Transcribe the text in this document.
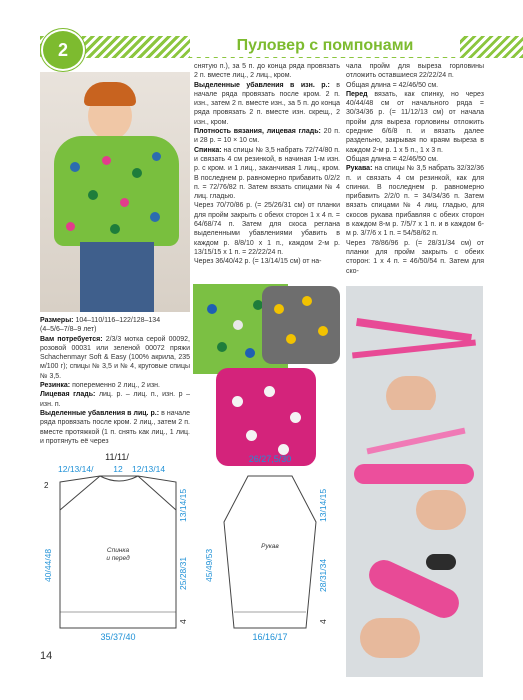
2	Пуловер с помпонами

Размеры: 104–110/116–122/128–134
(4–5/6–7/8–9 лет)

Вам потребуется: 2/3/3 мотка серой 00092, розовой 00031 или зеленой 00072 пряжи Schachenmayr Soft & Easy (100% акрила, 235 м/100 г); спицы № 3,5 и № 4, круговые спицы № 3,5.

Резинка: поперемeнно 2 лиц., 2 изн.

Лицевая гладь: лиц. р. – лиц. п., изн. р – изн. п.

Выделенные убавления в лиц. р.: в начале ряда провязать после кром. 2 лиц., затем 2 п. вместе протяжкой (1 п. снять как лиц., 1 лиц. и протянуть её через

снятую п.), за 5 п. до конца ряда провязать 2 п. вместе лиц., 2 лиц., кром.

Выделенные убавления в изн. р.: в начале ряда провязать после кром. 2 п. изн., затем 2 п. вместе изн., за 5 п. до конца ряда провязать 2 п. вместе изн. скрещ., 2 изн., кром.

Плотность вязания, лицевая гладь: 20 п. и 28 р. = 10 × 10 см.

Спинка: на спицы № 3,5 набрать 72/74/80 п. и связать 4 см резинкой, в начиная 1-м изн. р. с кром. и 1 лиц., заканчивая 1 лиц., кром. В последнем р. равномерно прибавить 0/2/2 п. = 72/76/82 п. Затем вязать спицами № 4 лиц. гладью.

Через 70/70/86 р. (= 25/26/31 см) от планки для пройм закрыть с обеих сторон 1 х 4 п. = 64/68/74 п. Затем для скоса реглана выделенными убавлениями убавить в каждом р. 8/8/10 х 1 п., каждом 2-м р. 13/15/15 х 1 п. = 22/22/24 п.

Через 36/40/42 р. (= 13/14/15 см) от на-

чала пройм для выреза горловины отложить оставшиеся 22/22/24 п.

Общая длина = 42/46/50 см.

Перед вязать, как спинку, но через 40/44/48 см от начального ряда = 30/34/36 р. (= 11/12/13 см) от начала пройм для выреза горловины отложить средние 6/6/8 п. и вязать далее раздельно, закрывая по краям выреза в каждом 2-м р. 1 х 5 п., 1 х 3 п.

Общая длина = 42/46/50 см.

Рукава: на спицы № 3,5 набрать 32/32/36 п. и связать 4 см резинкой, как для спинки. В последнем р. равномерно прибавить 2/2/0 п. = 34/34/36 п. Затем вязать спицами № 4 лиц. гладью, для скосов рукава прибавляя с обеих сторон в каждом 8-м р. 7/5/7 х 1 п. и в каждом 6-м р. 3/7/6 х 1 п. = 54/58/62 п.

Через 78/86/96 р. (= 28/31/34 см) от планки для пройм закрыть с обеих сторон: 1 х 4 п. = 46/50/54 п. Затем для ско-

11/11/
12/13/14/ 12 12/13/14
40/44/48
13/14/15
25/28/31
4
35/37/40
Спинка
и перед
2
26/27,5/30
13/14/15
28/31/34
4
45/49/53
16/16/17
Рукав
14
